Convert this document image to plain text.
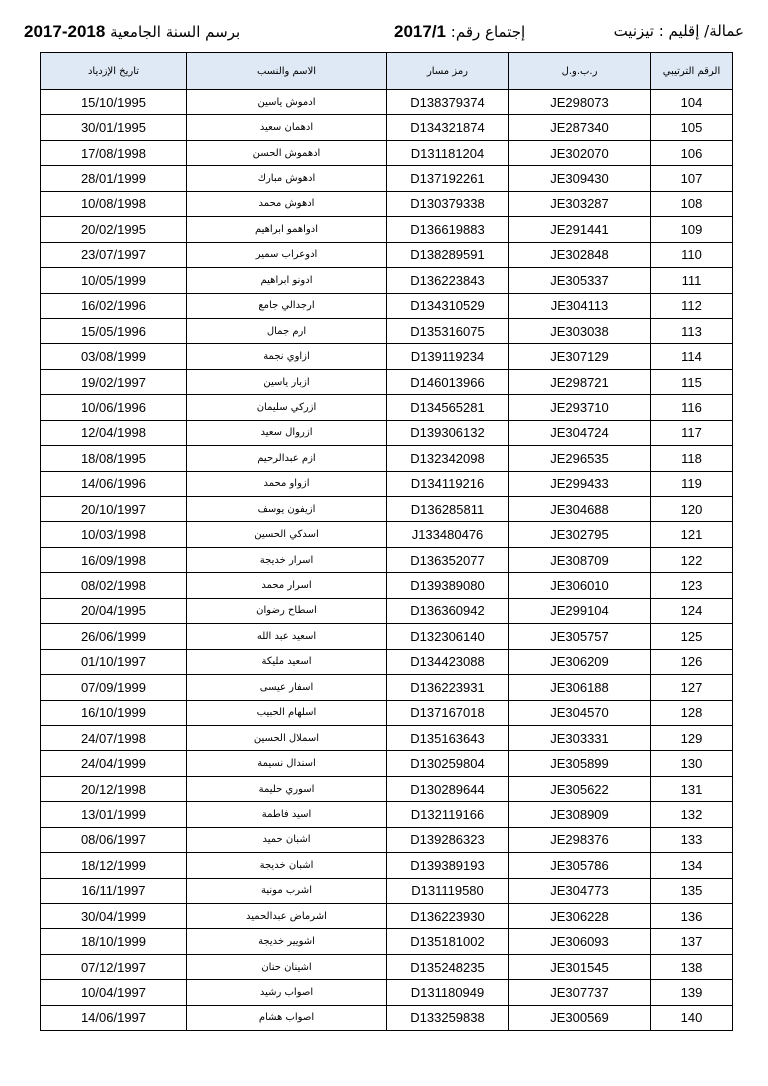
عمالة/ إقليم : تيزنيت
إجتماع رقم: 2017/1
برسم السنة الجامعية 2018-2017
تاريخ الإزدياد	الاسم والنسب	رمز مسار	ر.ب.و.ل	الرقم الترتيبي
15/10/1995	ادموش ياسين	D138379374	JE298073	104
30/01/1995	ادهمان سعيد	D134321874	JE287340	105
17/08/1998	ادهموش الحسن	D131181204	JE302070	106
28/01/1999	ادهوش مبارك	D137192261	JE309430	107
10/08/1998	ادهوش محمد	D130379338	JE303287	108
20/02/1995	ادواهمو ابراهيم	D136619883	JE291441	109
23/07/1997	ادوعراب سمير	D138289591	JE302848	110
10/05/1999	ادونو ابراهيم	D136223843	JE305337	111
16/02/1996	ارجدالي جامع	D134310529	JE304113	112
15/05/1996	ارم جمال	D135316075	JE303038	113
03/08/1999	ازاوي نجمة	D139119234	JE307129	114
19/02/1997	ازبار ياسين	D146013966	JE298721	115
10/06/1996	ازركي سليمان	D134565281	JE293710	116
12/04/1998	ازروال سعيد	D139306132	JE304724	117
18/08/1995	ازم عبدالرحيم	D132342098	JE296535	118
14/06/1996	ازواو محمد	D134119216	JE299433	119
20/10/1997	ازيفون يوسف	D136285811	JE304688	120
10/03/1998	اسدكي الحسين	J133480476	JE302795	121
16/09/1998	اسرار خديجة	D136352077	JE308709	122
08/02/1998	اسرار محمد	D139389080	JE306010	123
20/04/1995	اسطاح رضوان	D136360942	JE299104	124
26/06/1999	اسعيد عبد الله	D132306140	JE305757	125
01/10/1997	اسعيد مليكة	D134423088	JE306209	126
07/09/1999	اسفار عيسى	D136223931	JE306188	127
16/10/1999	اسلهام الحبيب	D137167018	JE304570	128
24/07/1998	اسملال الحسين	D135163643	JE303331	129
24/04/1999	اسندال نسيمة	D130259804	JE305899	130
20/12/1998	اسوري حليمة	D130289644	JE305622	131
13/01/1999	اسيد فاطمة	D132119166	JE308909	132
08/06/1997	اشبان حميد	D139286323	JE298376	133
18/12/1999	اشبان خديجة	D139389193	JE305786	134
16/11/1997	اشرب مونية	D131119580	JE304773	135
30/04/1999	اشرماض عبدالحميد	D136223930	JE306228	136
18/10/1999	اشويير خديجة	D135181002	JE306093	137
07/12/1997	اشينان حنان	D135248235	JE301545	138
10/04/1997	اصواب رشيد	D131180949	JE307737	139
14/06/1997	اصواب هشام	D133259838	JE300569	140
